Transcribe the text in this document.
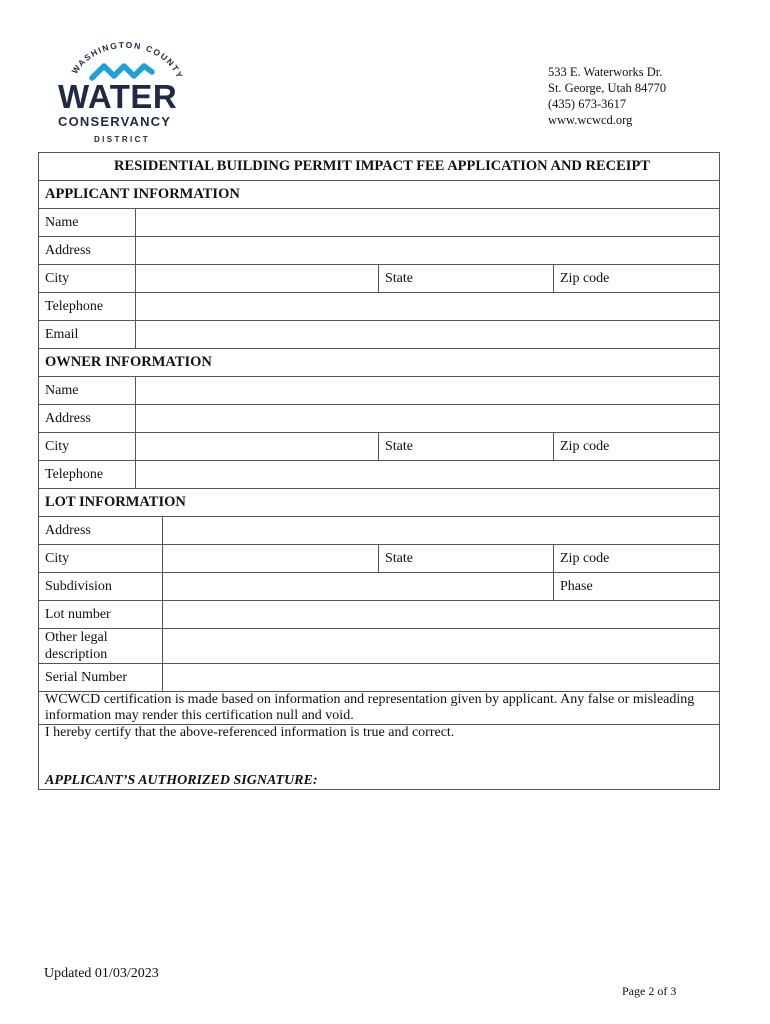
WASHINGTON COUNTY
WATER
CONSERVANCY
DISTRICT
533 E. Waterworks Dr.
St. George, Utah 84770
(435) 673-3617
www.wcwcd.org
RESIDENTIAL BUILDING PERMIT IMPACT FEE APPLICATION AND RECEIPT				
APPLICANT INFORMATION				
Name				
Address				
City			State	Zip code
Telephone				
Email				
OWNER INFORMATION				
Name				
Address				
City			State	Zip code
Telephone				
LOT INFORMATION				
Address				
City			State	Zip code
Subdivision				Phase
Lot number				
Other legal description				
Serial Number				
WCWCD certification is made based on information and representation given by applicant. Any false or misleading information may render this certification null and void.				

I hereby certify that the above-referenced information is true and correct.
APPLICANT’S AUTHORIZED SIGNATURE:				
Updated 01/03/2023
Page 2 of 3
